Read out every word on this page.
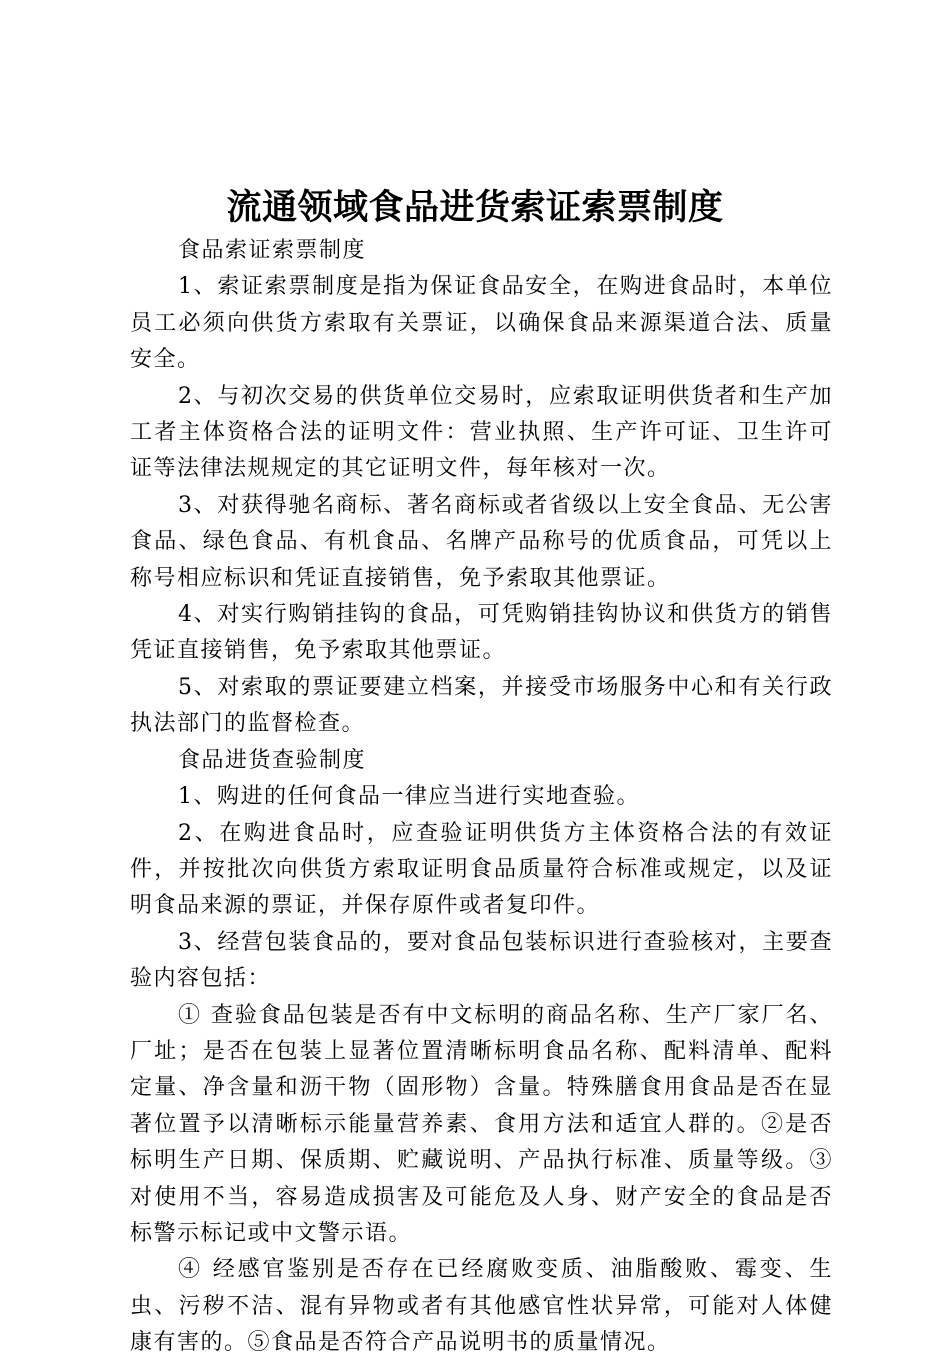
流通领域食品进货索证索票制度

食品索证索票制度

1、索证索票制度是指为保证食品安全，在购进食品时，本单位员工必须向供货方索取有关票证，以确保食品来源渠道合法、质量安全。

2、与初次交易的供货单位交易时，应索取证明供货者和生产加工者主体资格合法的证明文件：营业执照、生产许可证、卫生许可证等法律法规规定的其它证明文件，每年核对一次。

3、对获得驰名商标、著名商标或者省级以上安全食品、无公害食品、绿色食品、有机食品、名牌产品称号的优质食品，可凭以上称号相应标识和凭证直接销售，免予索取其他票证。

4、对实行购销挂钩的食品，可凭购销挂钩协议和供货方的销售凭证直接销售，免予索取其他票证。

5、对索取的票证要建立档案，并接受市场服务中心和有关行政执法部门的监督检查。

食品进货查验制度

1、购进的任何食品一律应当进行实地查验。

2、在购进食品时，应查验证明供货方主体资格合法的有效证件，并按批次向供货方索取证明食品质量符合标准或规定，以及证明食品来源的票证，并保存原件或者复印件。

3、经营包装食品的，要对食品包装标识进行查验核对，主要查验内容包括：

① 查验食品包装是否有中文标明的商品名称、生产厂家厂名、厂址；是否在包装上显著位置清晰标明食品名称、配料清单、配料定量、净含量和沥干物（固形物）含量。特殊膳食用食品是否在显著位置予以清晰标示能量营养素、食用方法和适宜人群的。②是否标明生产日期、保质期、贮藏说明、产品执行标准、质量等级。③对使用不当，容易造成损害及可能危及人身、财产安全的食品是否标警示标记或中文警示语。

④ 经感官鉴别是否存在已经腐败变质、油脂酸败、霉变、生虫、污秽不洁、混有异物或者有其他感官性状异常，可能对人体健康有害的。⑤食品是否符合产品说明书的质量情况。
